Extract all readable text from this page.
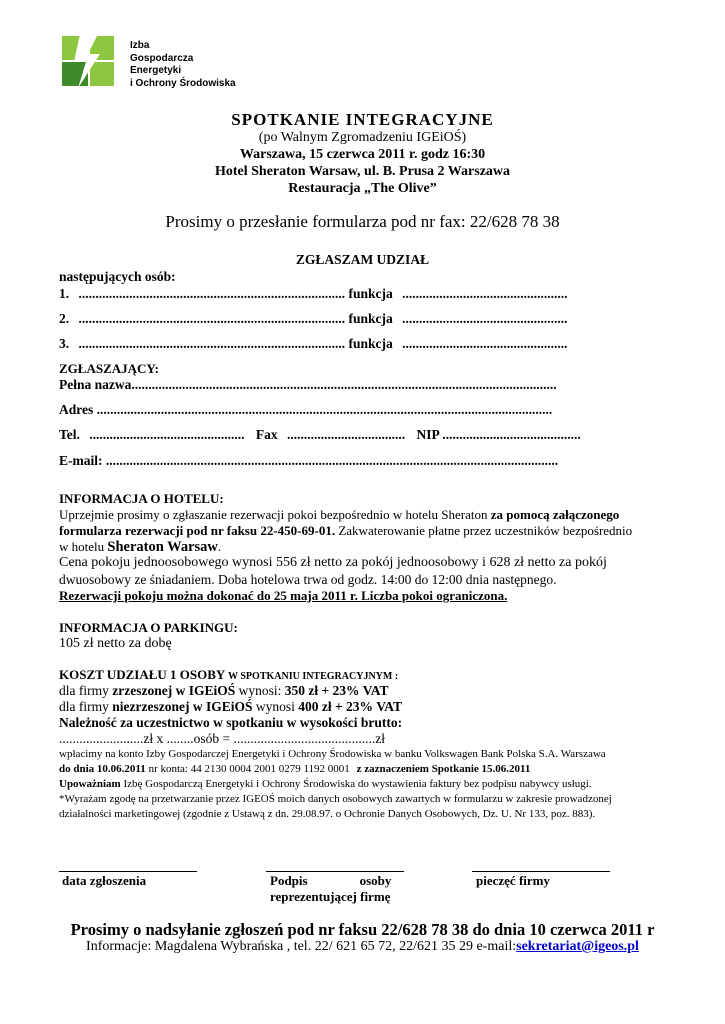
Izba
Gospodarcza
Energetyki
i Ochrony Środowiska
SPOTKANIE INTEGRACYJNE
(po Walnym Zgromadzeniu IGEiOŚ)
Warszawa, 15 czerwca 2011 r. godz 16:30
Hotel Sheraton Warsaw, ul. B. Prusa 2 Warszawa
Restauracja „The Olive”
Prosimy o przesłanie formularza pod nr fax: 22/628 78 38
ZGŁASZAM UDZIAŁ
następujących osób:
1. ............................................................................... funkcja .................................................
2. ............................................................................... funkcja .................................................
3. ............................................................................... funkcja .................................................
ZGŁASZAJĄCY:
Pełna nazwa..............................................................................................................................
Adres .......................................................................................................................................
Tel. .............................................. Fax ................................... NIP .........................................
E-mail: ......................................................................................................................................
INFORMACJA O HOTELU:
Uprzejmie prosimy o zgłaszanie rezerwacji pokoi bezpośrednio w hotelu Sheraton za pomocą załączonego
formularza rezerwacji pod nr faksu 22-450-69-01. Zakwaterowanie płatne przez uczestników bezpośrednio
w hotelu Sheraton Warsaw.
Cena pokoju jednoosobowego wynosi 556 zł netto za pokój jednoosobowy i 628 zł netto za pokój
dwuosobowy ze śniadaniem. Doba hotelowa trwa od godz. 14:00 do 12:00 dnia następnego.
Rezerwacji pokoju można dokonać do 25 maja 2011 r. Liczba pokoi ograniczona.
INFORMACJA O PARKINGU:
105 zł netto za dobę
KOSZT UDZIAŁU 1 OSOBY W SPOTKANIU INTEGRACYJNYM :
dla firmy zrzeszonej w IGEiOŚ wynosi: 350 zł + 23% VAT
dla firmy niezrzeszonej w IGEiOŚ wynosi 400 zł + 23% VAT
Należność za uczestnictwo w spotkaniu w wysokości brutto:
.........................zł x ........osób = ..........................................zł
wpłacimy na konto Izby Gospodarczej Energetyki i Ochrony Środowiska w banku Volkswagen Bank Polska S.A. Warszawa
do dnia 10.06.2011 nr konta: 44 2130 0004 2001 0279 1192 0001 z zaznaczeniem Spotkanie 15.06.2011
Upoważniam Izbę Gospodarczą Energetyki i Ochrony Środowiska do wystawienia faktury bez podpisu nabywcy usługi.
*Wyrażam zgodę na przetwarzanie przez IGEOŚ moich danych osobowych zawartych w formularzu w zakresie prowadzonej
działalności marketingowej (zgodnie z Ustawą z dn. 29.08.97. o Ochronie Danych Osobowych, Dz. U. Nr 133, poz. 883).
data zgłoszenia	Podpis                osoby
reprezentującej firmę
pieczęć firmy
Prosimy o nadsyłanie zgłoszeń pod nr faksu 22/628 78 38 do dnia 10 czerwca 2011 r
Informacje: Magdalena Wybrańska , tel. 22/ 621 65 72, 22/621 35 29 e-mail:sekretariat@igeos.pl
